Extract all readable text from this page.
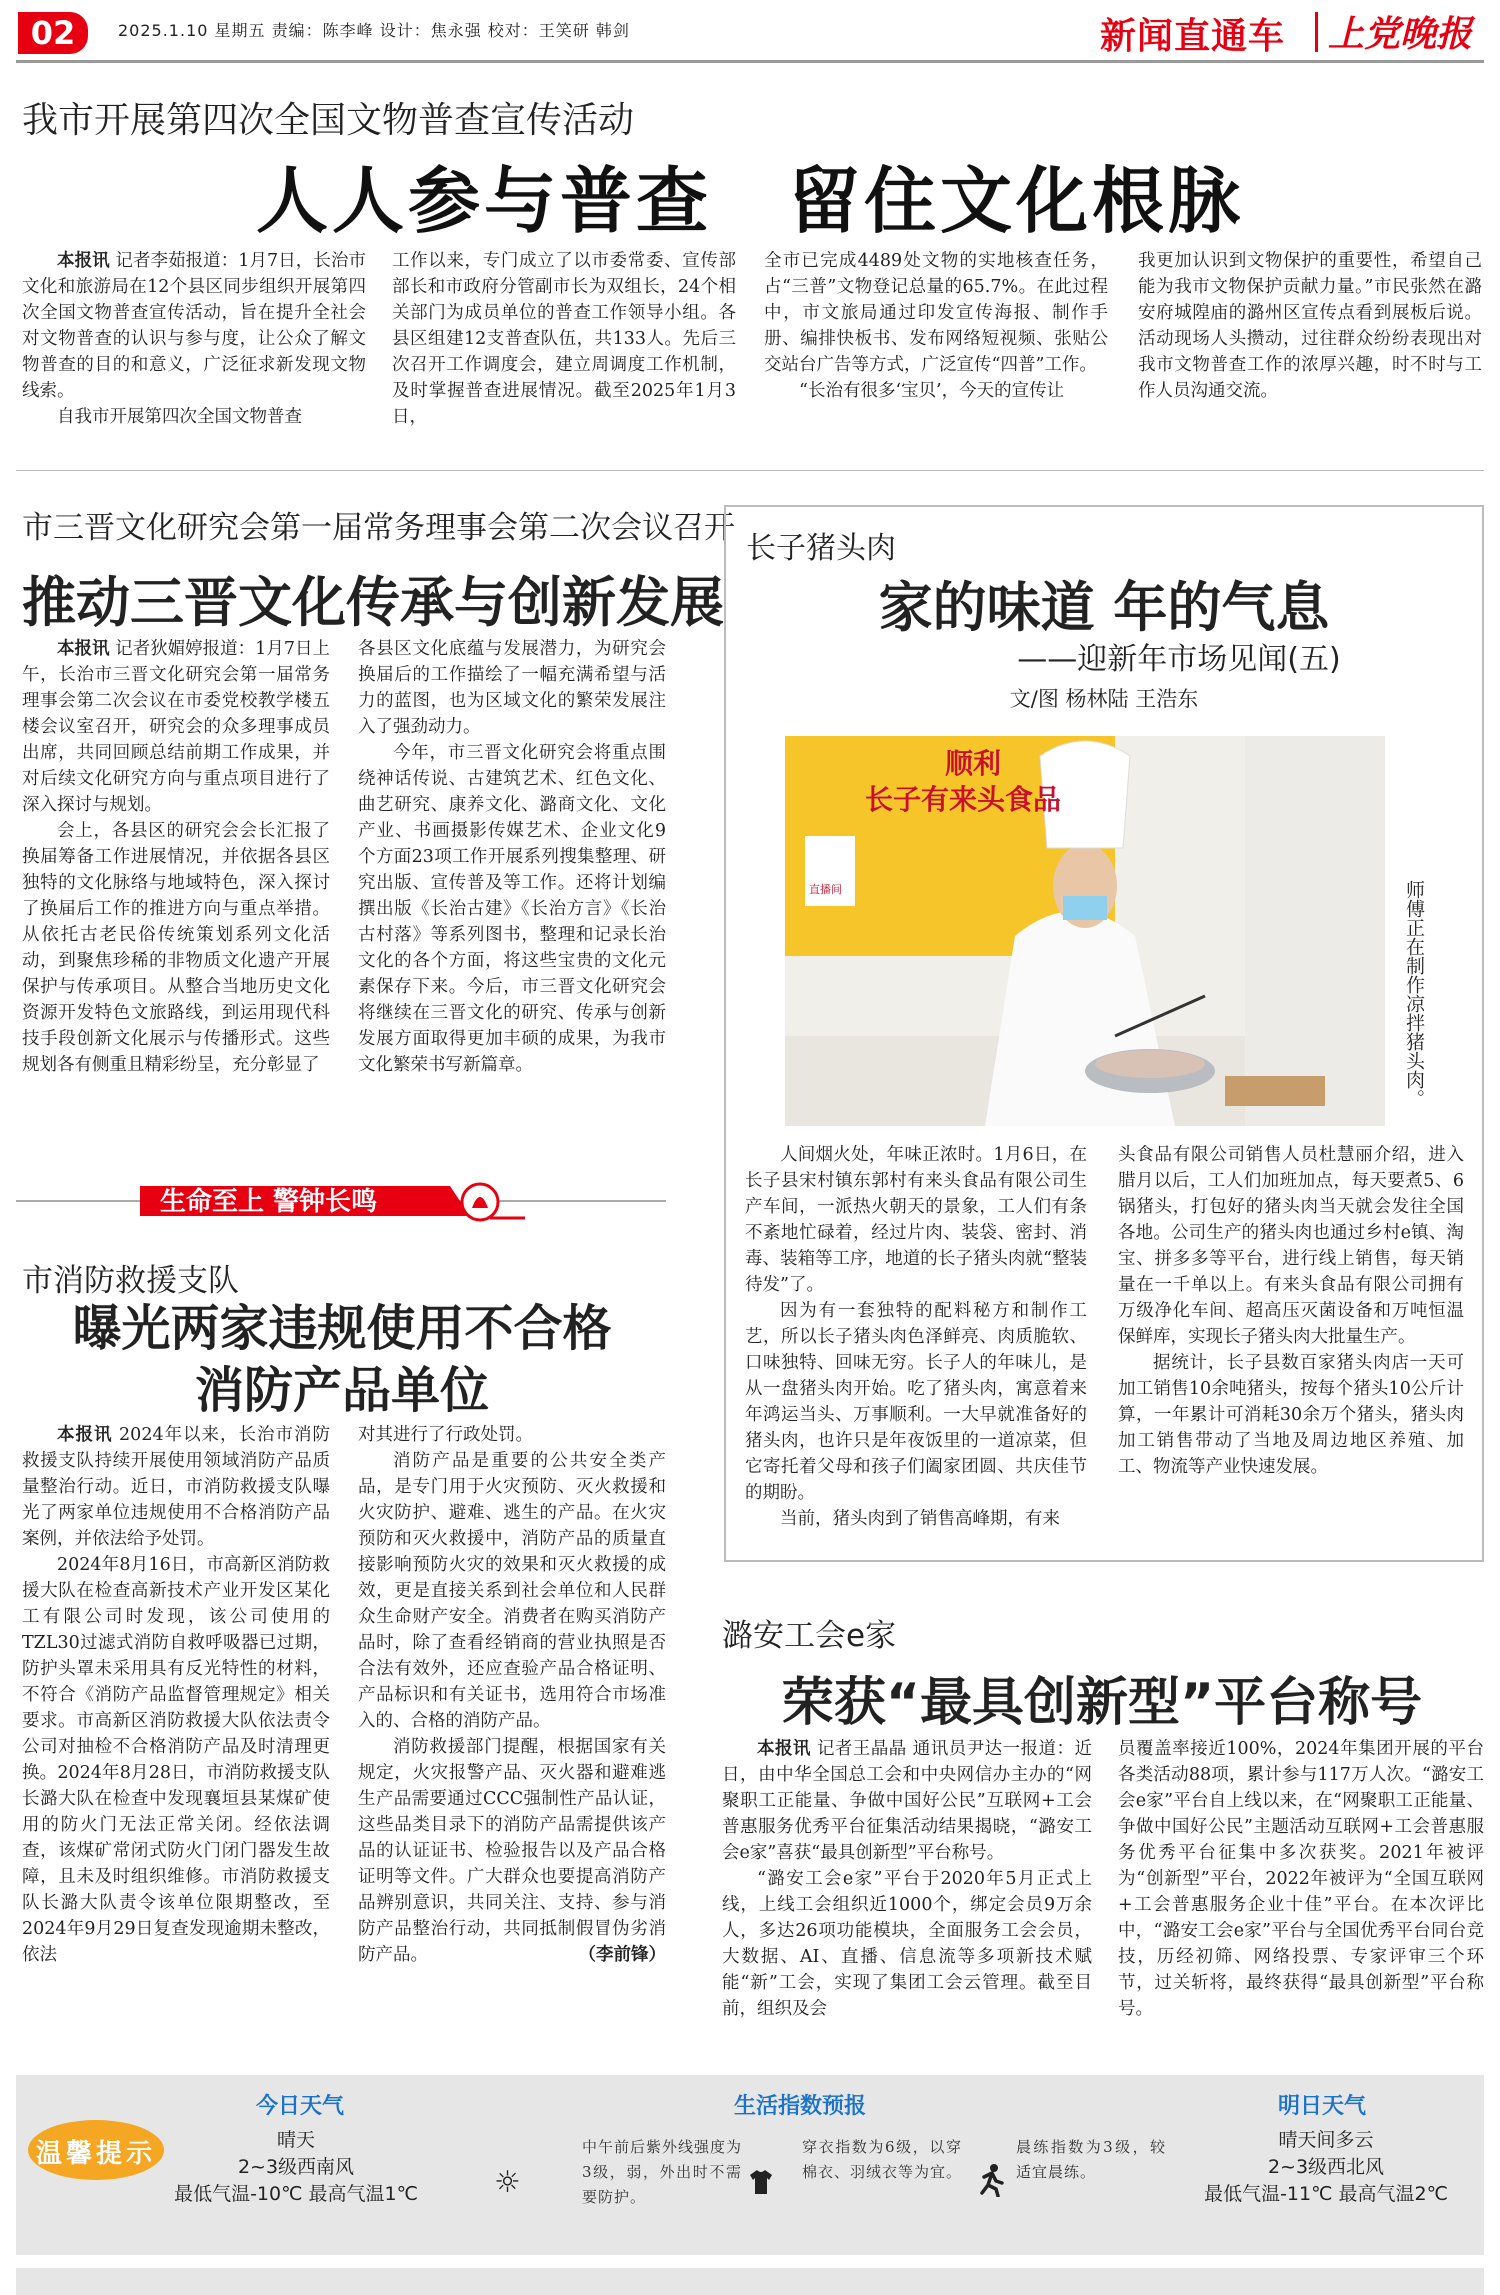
02	2025.1.10 星期五 责编：陈李峰 设计：焦永强 校对：王笑研 韩剑	新闻直通车 上党晚报
我市开展第四次全国文物普查宣传活动
人人参与普查　留住文化根脉

本报讯 记者李茹报道：1月7日，长治市文化和旅游局在12个县区同步组织开展第四次全国文物普查宣传活动，旨在提升全社会对文物普查的认识与参与度，让公众了解文物普查的目的和意义，广泛征求新发现文物线索。

自我市开展第四次全国文物普查

工作以来，专门成立了以市委常委、宣传部部长和市政府分管副市长为双组长，24个相关部门为成员单位的普查工作领导小组。各县区组建12支普查队伍，共133人。先后三次召开工作调度会，建立周调度工作机制，及时掌握普查进展情况。截至2025年1月3日，

全市已完成4489处文物的实地核查任务，占“三普”文物登记总量的65.7%。在此过程中，市文旅局通过印发宣传海报、制作手册、编排快板书、发布网络短视频、张贴公交站台广告等方式，广泛宣传“四普”工作。

“长治有很多‘宝贝’，今天的宣传让

我更加认识到文物保护的重要性，希望自己能为我市文物保护贡献力量。”市民张然在潞安府城隍庙的潞州区宣传点看到展板后说。活动现场人头攒动，过往群众纷纷表现出对我市文物普查工作的浓厚兴趣，时不时与工作人员沟通交流。

市三晋文化研究会第一届常务理事会第二次会议召开
推动三晋文化传承与创新发展

本报讯 记者狄媚婷报道：1月7日上午，长治市三晋文化研究会第一届常务理事会第二次会议在市委党校教学楼五楼会议室召开，研究会的众多理事成员出席，共同回顾总结前期工作成果，并对后续文化研究方向与重点项目进行了深入探讨与规划。

会上，各县区的研究会会长汇报了换届筹备工作进展情况，并依据各县区独特的文化脉络与地域特色，深入探讨了换届后工作的推进方向与重点举措。从依托古老民俗传统策划系列文化活动，到聚焦珍稀的非物质文化遗产开展保护与传承项目。从整合当地历史文化资源开发特色文旅路线，到运用现代科技手段创新文化展示与传播形式。这些规划各有侧重且精彩纷呈，充分彰显了

各县区文化底蕴与发展潜力，为研究会换届后的工作描绘了一幅充满希望与活力的蓝图，也为区域文化的繁荣发展注入了强劲动力。

今年，市三晋文化研究会将重点围绕神话传说、古建筑艺术、红色文化、曲艺研究、康养文化、潞商文化、文化产业、书画摄影传媒艺术、企业文化9个方面23项工作开展系列搜集整理、研究出版、宣传普及等工作。还将计划编撰出版《长治古建》《长治方言》《长治古村落》等系列图书，整理和记录长治文化的各个方面，将这些宝贵的文化元素保存下来。今后，市三晋文化研究会将继续在三晋文化的研究、传承与创新发展方面取得更加丰硕的成果，为我市文化繁荣书写新篇章。

生命至上 警钟长鸣
市消防救援支队
曝光两家违规使用不合格
消防产品单位

本报讯 2024年以来，长治市消防救援支队持续开展使用领域消防产品质量整治行动。近日，市消防救援支队曝光了两家单位违规使用不合格消防产品案例，并依法给予处罚。

2024年8月16日，市高新区消防救援大队在检查高新技术产业开发区某化工有限公司时发现，该公司使用的TZL30过滤式消防自救呼吸器已过期，防护头罩未采用具有反光特性的材料，不符合《消防产品监督管理规定》相关要求。市高新区消防救援大队依法责令公司对抽检不合格消防产品及时清理更换。2024年8月28日，市消防救援支队长潞大队在检查中发现襄垣县某煤矿使用的防火门无法正常关闭。经依法调查，该煤矿常闭式防火门闭门器发生故障，且未及时组织维修。市消防救援支队长潞大队责令该单位限期整改，至2024年9月29日复查发现逾期未整改，依法

对其进行了行政处罚。

消防产品是重要的公共安全类产品，是专门用于火灾预防、灭火救援和火灾防护、避难、逃生的产品。在火灾预防和灭火救援中，消防产品的质量直接影响预防火灾的效果和灭火救援的成效，更是直接关系到社会单位和人民群众生命财产安全。消费者在购买消防产品时，除了查看经销商的营业执照是否合法有效外，还应查验产品合格证明、产品标识和有关证书，选用符合市场准入的、合格的消防产品。

消防救援部门提醒，根据国家有关规定，火灾报警产品、灭火器和避难逃生产品需要通过CCC强制性产品认证，这些品类目录下的消防产品需提供该产品的认证证书、检验报告以及产品合格证明等文件。广大群众也要提高消防产品辨别意识，共同关注、支持、参与消防产品整治行动，共同抵制假冒伪劣消防产品。	（李前锋）
长子猪头肉
家的味道 年的气息
——迎新年市场见闻(五)
文/图 杨林陆 王浩东
顺利
长子有来头食品
直播间	师傅正在制作凉拌猪头肉。

人间烟火处，年味正浓时。1月6日，在长子县宋村镇东郭村有来头食品有限公司生产车间，一派热火朝天的景象，工人们有条不紊地忙碌着，经过片肉、装袋、密封、消毒、装箱等工序，地道的长子猪头肉就“整装待发”了。

因为有一套独特的配料秘方和制作工艺，所以长子猪头肉色泽鲜亮、肉质脆软、口味独特、回味无穷。长子人的年味儿，是从一盘猪头肉开始。吃了猪头肉，寓意着来年鸿运当头、万事顺利。一大早就准备好的猪头肉，也许只是年夜饭里的一道凉菜，但它寄托着父母和孩子们阖家团圆、共庆佳节的期盼。

当前，猪头肉到了销售高峰期，有来

头食品有限公司销售人员杜慧丽介绍，进入腊月以后，工人们加班加点，每天要煮5、6锅猪头，打包好的猪头肉当天就会发往全国各地。公司生产的猪头肉也通过乡村e镇、淘宝、拼多多等平台，进行线上销售，每天销量在一千单以上。有来头食品有限公司拥有万级净化车间、超高压灭菌设备和万吨恒温保鲜库，实现长子猪头肉大批量生产。

据统计，长子县数百家猪头肉店一天可加工销售10余吨猪头，按每个猪头10公斤计算，一年累计可消耗30余万个猪头，猪头肉加工销售带动了当地及周边地区养殖、加工、物流等产业快速发展。

潞安工会e家
荣获“最具创新型”平台称号

本报讯 记者王晶晶 通讯员尹达一报道：近日，由中华全国总工会和中央网信办主办的“网聚职工正能量、争做中国好公民”互联网+工会普惠服务优秀平台征集活动结果揭晓，“潞安工会e家”喜获“最具创新型”平台称号。

“潞安工会e家”平台于2020年5月正式上线，上线工会组织近1000个，绑定会员9万余人，多达26项功能模块，全面服务工会会员，大数据、AI、直播、信息流等多项新技术赋能“新”工会，实现了集团工会云管理。截至目前，组织及会

员覆盖率接近100%，2024年集团开展的平台各类活动88项，累计参与117万人次。“潞安工会e家”平台自上线以来，在“网聚职工正能量、争做中国好公民”主题活动互联网+工会普惠服务优秀平台征集中多次获奖。2021年被评为“创新型”平台，2022年被评为“全国互联网+工会普惠服务企业十佳”平台。在本次评比中，“潞安工会e家”平台与全国优秀平台同台竞技，历经初筛、网络投票、专家评审三个环节，过关斩将，最终获得“最具创新型”平台称号。

温馨提示
今日天气
晴天
2~3级西南风
最低气温-10℃ 最高气温1℃
生活指数预报
☼
中午前后紫外线强度为3级，弱，外出时不需要防护。
穿衣指数为6级，以穿棉衣、羽绒衣等为宜。
晨练指数为3级，较适宜晨练。
明日天气
晴天间多云
2~3级西北风
最低气温-11℃ 最高气温2℃
